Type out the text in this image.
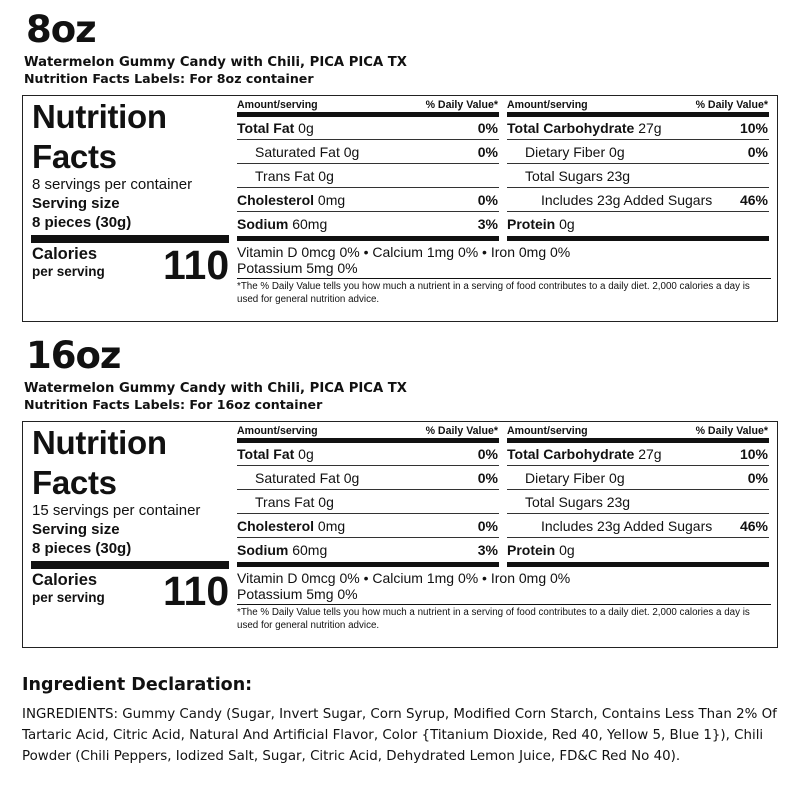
8oz
Watermelon Gummy Candy with Chili, PICA PICA TX
Nutrition Facts Labels: For 8oz container
Nutrition
Facts
8 servings per container
Serving size
8 pieces (30g)
Calories
per serving 110
Amount/serving	% Daily Value*
Total Fat 0g	0%
Saturated Fat 0g	0%
Trans Fat 0g
Cholesterol 0mg	0%
Sodium 60mg	3%
Amount/serving	% Daily Value*
Total Carbohydrate 27g	10%
Dietary Fiber 0g	0%
Total Sugars 23g
Includes 23g Added Sugars 46%
Protein 0g
Vitamin D 0mcg 0% • Calcium 1mg 0% • Iron 0mg 0%
Potassium 5mg 0%
*The % Daily Value tells you how much a nutrient in a serving of food contributes to a daily diet. 2,000 calories a day is used for general nutrition advice.
16oz
Watermelon Gummy Candy with Chili, PICA PICA TX
Nutrition Facts Labels: For 16oz container
Nutrition
Facts
15 servings per container
Serving size
8 pieces (30g)
Calories
per serving 110
Amount/serving	% Daily Value*
Total Fat 0g	0%
Saturated Fat 0g	0%
Trans Fat 0g
Cholesterol 0mg	0%
Sodium 60mg	3%
Amount/serving	% Daily Value*
Total Carbohydrate 27g	10%
Dietary Fiber 0g	0%
Total Sugars 23g
Includes 23g Added Sugars 46%
Protein 0g
Vitamin D 0mcg 0% • Calcium 1mg 0% • Iron 0mg 0%
Potassium 5mg 0%
*The % Daily Value tells you how much a nutrient in a serving of food contributes to a daily diet. 2,000 calories a day is used for general nutrition advice.
Ingredient Declaration:
INGREDIENTS: Gummy Candy (Sugar, Invert Sugar, Corn Syrup, Modified Corn Starch, Contains Less Than 2% Of Tartaric Acid, Citric Acid, Natural And Artificial Flavor, Color {Titanium Dioxide, Red 40, Yellow 5, Blue 1}), Chili Powder (Chili Peppers, Iodized Salt, Sugar, Citric Acid, Dehydrated Lemon Juice, FD&C Red No 40).
